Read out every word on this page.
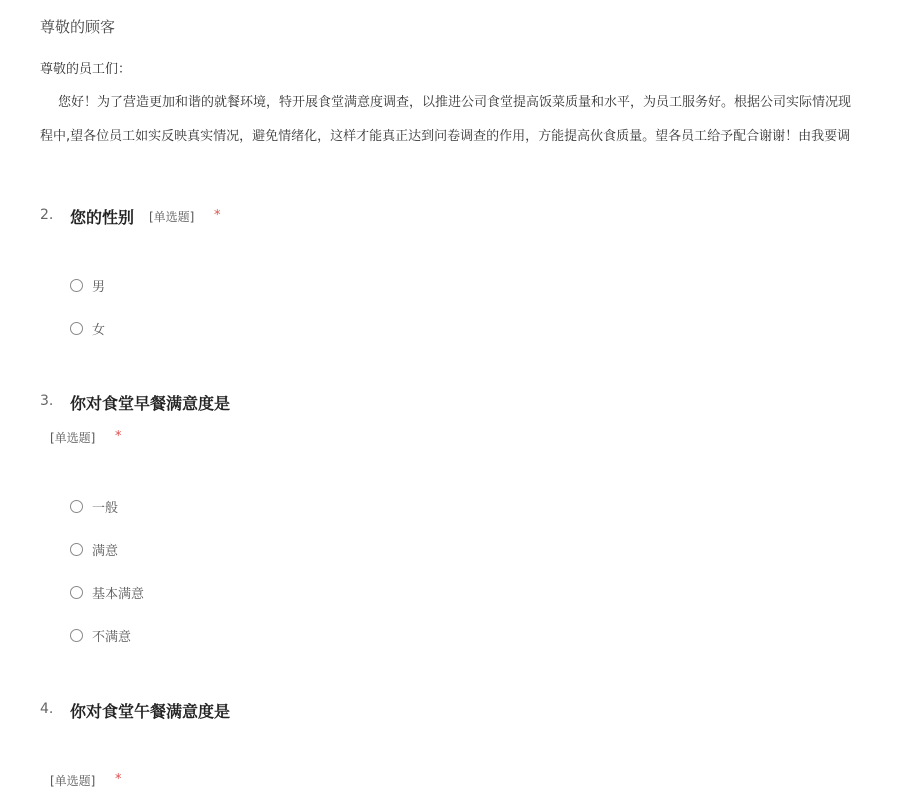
尊敬的顾客
尊敬的员工们：
您好！为了营造更加和谐的就餐环境，特开展食堂满意度调查，以推进公司食堂提高饭菜质量和水平，为员工服务好。根据公司实际情况现
程中,望各位员工如实反映真实情况，避免情绪化，这样才能真正达到问卷调查的作用，方能提高伙食质量。望各员工给予配合谢谢！由我要调
2. 您的性别 [单选题] *
男
女
3. 你对食堂早餐满意度是
[单选题] *
一般
满意
基本满意
不满意
4. 你对食堂午餐满意度是
[单选题] *
